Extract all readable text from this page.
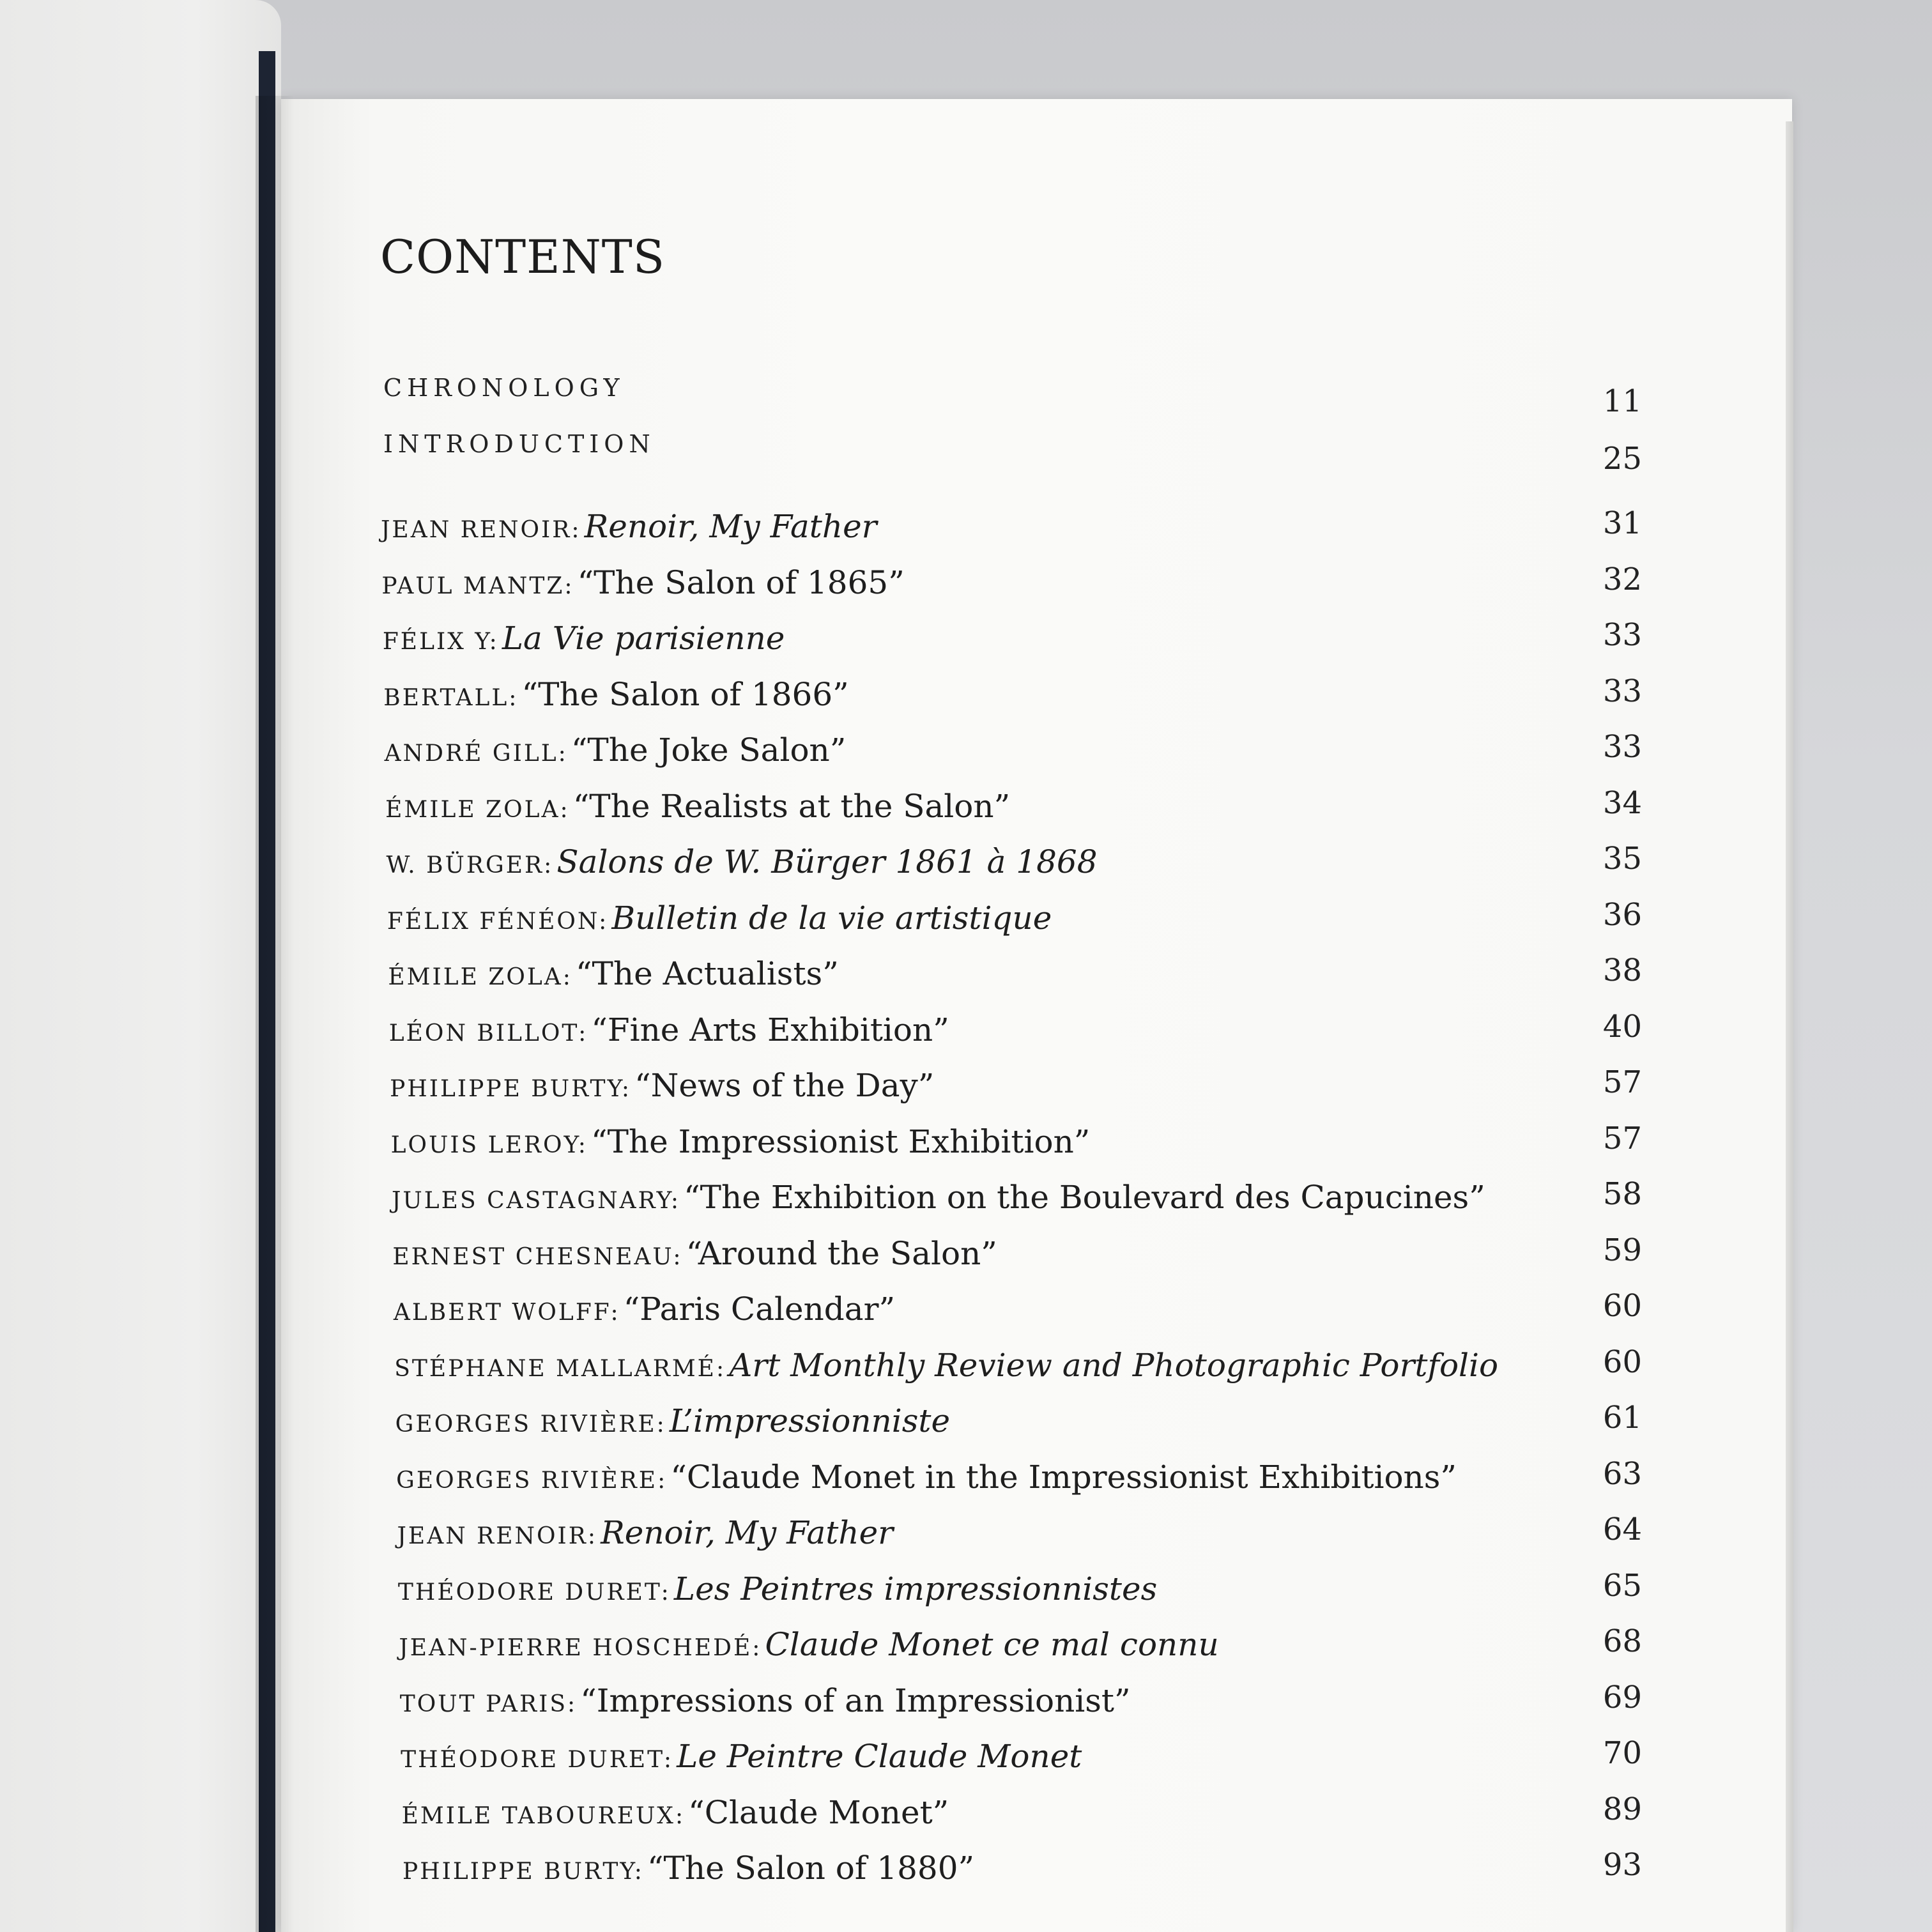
CONTENTS
CHRONOLOGY	11
INTRODUCTION	25
JEAN RENOIR: Renoir, My Father	31
PAUL MANTZ: “The Salon of 1865”	32
FÉLIX Y: La Vie parisienne	33
BERTALL: “The Salon of 1866”	33
ANDRÉ GILL: “The Joke Salon”	33
ÉMILE ZOLA: “The Realists at the Salon”	34
W. BÜRGER: Salons de W. Bürger 1861 à 1868	35
FÉLIX FÉNÉON: Bulletin de la vie artistique	36
ÉMILE ZOLA: “The Actualists”	38
LÉON BILLOT: “Fine Arts Exhibition”	40
PHILIPPE BURTY: “News of the Day”	57
LOUIS LEROY: “The Impressionist Exhibition”	57
JULES CASTAGNARY: “The Exhibition on the Boulevard des Capucines”	58
ERNEST CHESNEAU: “Around the Salon”	59
ALBERT WOLFF: “Paris Calendar”	60
STÉPHANE MALLARMÉ: Art Monthly Review and Photographic Portfolio	60
GEORGES RIVIÈRE: L’impressionniste	61
GEORGES RIVIÈRE: “Claude Monet in the Impressionist Exhibitions”	63
JEAN RENOIR: Renoir, My Father	64
THÉODORE DURET: Les Peintres impressionnistes	65
JEAN-PIERRE HOSCHEDÉ: Claude Monet ce mal connu	68
TOUT PARIS: “Impressions of an Impressionist”	69
THÉODORE DURET: Le Peintre Claude Monet	70
ÉMILE TABOUREUX: “Claude Monet”	89
PHILIPPE BURTY: “The Salon of 1880”	93
